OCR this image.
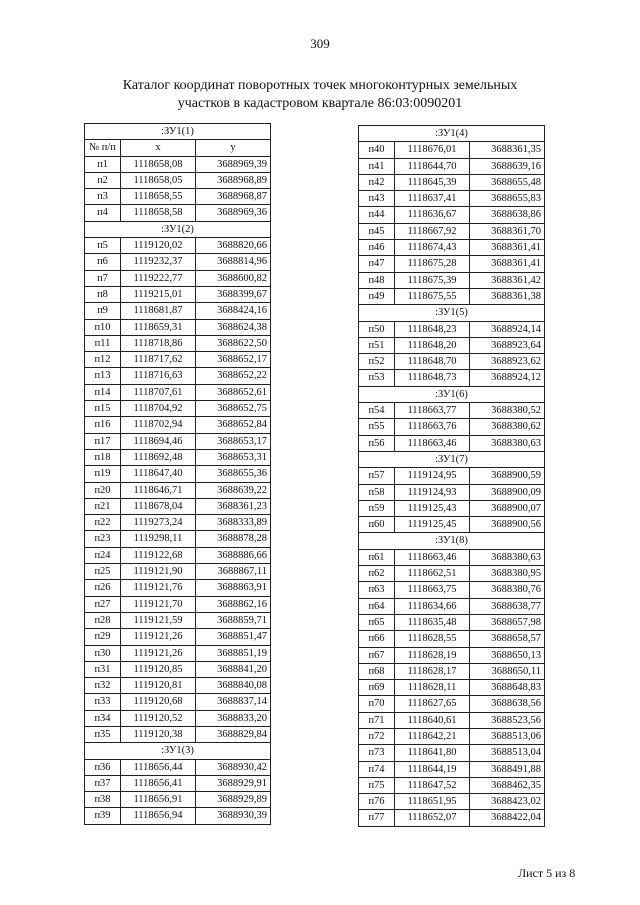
309
Каталог координат поворотных точек многоконтурных земельных
участков в кадастровом квартале 86:03:0090201
:ЗУ1(1)		
№ п/п	x	y
п1	1118658,08	3688969,39
п2	1118658,05	3688968,89
п3	1118658,55	3688968,87
п4	1118658,58	3688969,36
:ЗУ1(2)		
п5	1119120,02	3688820,66
п6	1119232,37	3688814,96
п7	1119222,77	3688600,82
п8	1119215,01	3688399,67
п9	1118681,87	3688424,16
п10	1118659,31	3688624,38
п11	1118718,86	3688622,50
п12	1118717,62	3688652,17
п13	1118716,63	3688652,22
п14	1118707,61	3688652,61
п15	1118704,92	3688652,75
п16	1118702,94	3688652,84
п17	1118694,46	3688653,17
п18	1118692,48	3688653,31
п19	1118647,40	3688655,36
п20	1118646,71	3688639,22
п21	1118678,04	3688361,23
п22	1119273,24	3688333,89
п23	1119298,11	3688878,28
п24	1119122,68	3688886,66
п25	1119121,90	3688867,11
п26	1119121,76	3688863,91
п27	1119121,70	3688862,16
п28	1119121,59	3688859,71
п29	1119121,26	3688851,47
п30	1119121,26	3688851,19
п31	1119120,85	3688841,20
п32	1119120,81	3688840,08
п33	1119120,68	3688837,14
п34	1119120,52	3688833,20
п35	1119120,38	3688829,84
:ЗУ1(3)		
п36	1118656,44	3688930,42
п37	1118656,41	3688929,91
п38	1118656,91	3688929,89
п39	1118656,94	3688930,39
:ЗУ1(4)		
п40	1118676,01	3688361,35
п41	1118644,70	3688639,16
п42	1118645,39	3688655,48
п43	1118637,41	3688655,83
п44	1118636,67	3688638,86
п45	1118667,92	3688361,70
п46	1118674,43	3688361,41
п47	1118675,28	3688361,41
п48	1118675,39	3688361,42
п49	1118675,55	3688361,38
:ЗУ1(5)		
п50	1118648,23	3688924,14
п51	1118648,20	3688923,64
п52	1118648,70	3688923,62
п53	1118648,73	3688924,12
:ЗУ1(6)		
п54	1118663,77	3688380,52
п55	1118663,76	3688380,62
п56	1118663,46	3688380,63
:ЗУ1(7)		
п57	1119124,95	3688900,59
п58	1119124,93	3688900,09
п59	1119125,43	3688900,07
п60	1119125,45	3688900,56
:ЗУ1(8)		
п61	1118663,46	3688380,63
п62	1118662,51	3688380,95
п63	1118663,75	3688380,76
п64	1118634,66	3688638,77
п65	1118635,48	3688657,98
п66	1118628,55	3688658,57
п67	1118628,19	3688650,13
п68	1118628,17	3688650,11
п69	1118628,11	3688648,83
п70	1118627,65	3688638,56
п71	1118640,61	3688523,56
п72	1118642,21	3688513,06
п73	1118641,80	3688513,04
п74	1118644,19	3688491,88
п75	1118647,52	3688462,35
п76	1118651,95	3688423,02
п77	1118652,07	3688422,04
Лист 5 из 8
